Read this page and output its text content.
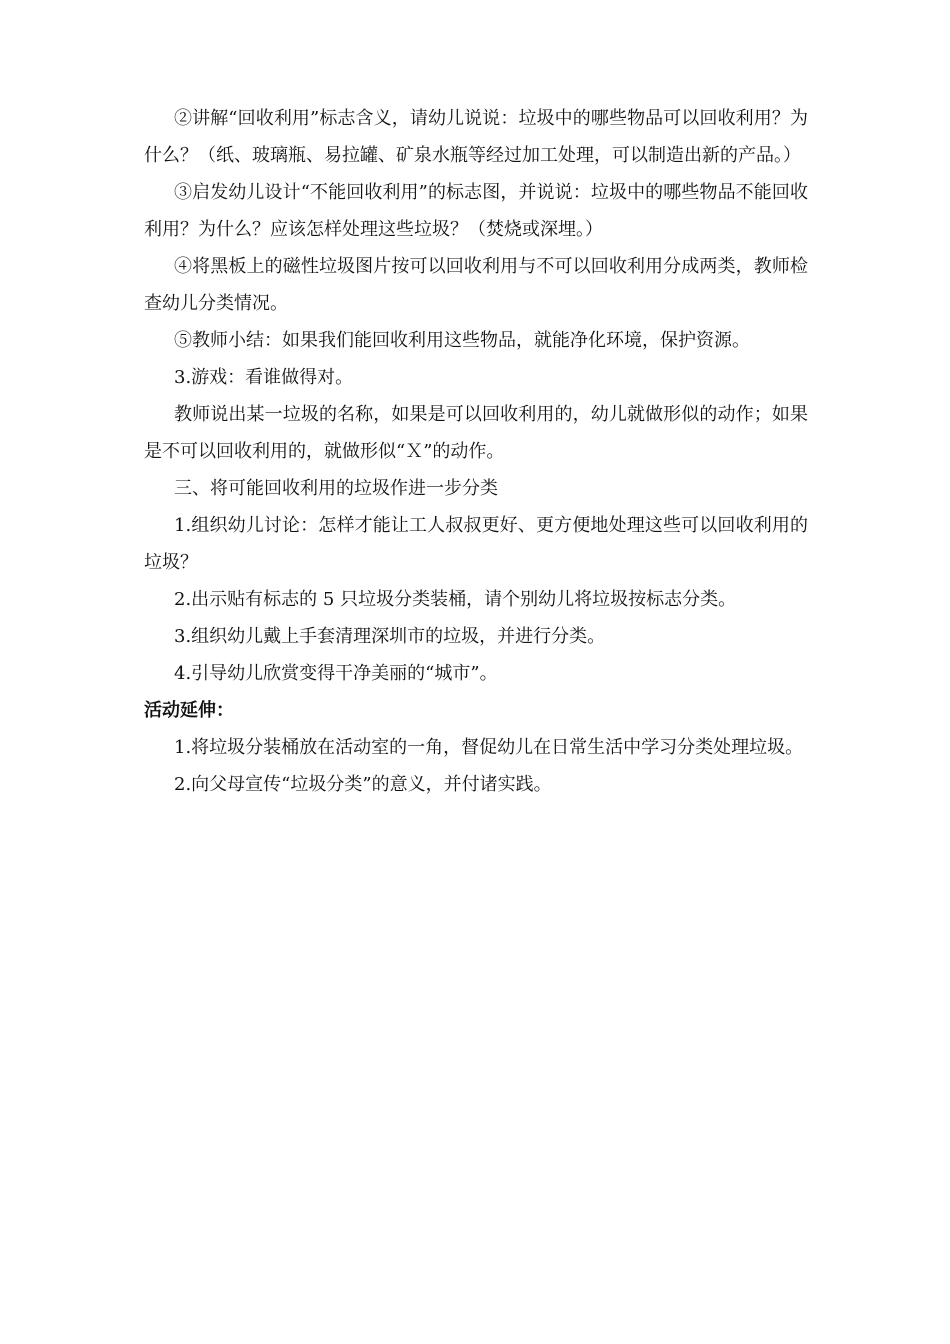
②讲解“回收利用”标志含义，请幼儿说说：垃圾中的哪些物品可以回收利用？为什么？（纸、玻璃瓶、易拉罐、矿泉水瓶等经过加工处理，可以制造出新的产品。）

③启发幼儿设计“不能回收利用”的标志图，并说说：垃圾中的哪些物品不能回收利用？为什么？应该怎样处理这些垃圾？（焚烧或深埋。）

④将黑板上的磁性垃圾图片按可以回收利用与不可以回收利用分成两类，教师检查幼儿分类情况。

⑤教师小结：如果我们能回收利用这些物品，就能净化环境，保护资源。

3.游戏：看谁做得对。

教师说出某一垃圾的名称，如果是可以回收利用的，幼儿就做形似的动作；如果是不可以回收利用的，就做形似“Ｘ”的动作。

三、将可能回收利用的垃圾作进一步分类

1.组织幼儿讨论：怎样才能让工人叔叔更好、更方便地处理这些可以回收利用的垃圾？

2.出示贴有标志的 5 只垃圾分类装桶，请个别幼儿将垃圾按标志分类。

3.组织幼儿戴上手套清理深圳市的垃圾，并进行分类。

4.引导幼儿欣赏变得干净美丽的“城市”。

活动延伸：

1.将垃圾分装桶放在活动室的一角，督促幼儿在日常生活中学习分类处理垃圾。

2.向父母宣传“垃圾分类”的意义，并付诸实践。
